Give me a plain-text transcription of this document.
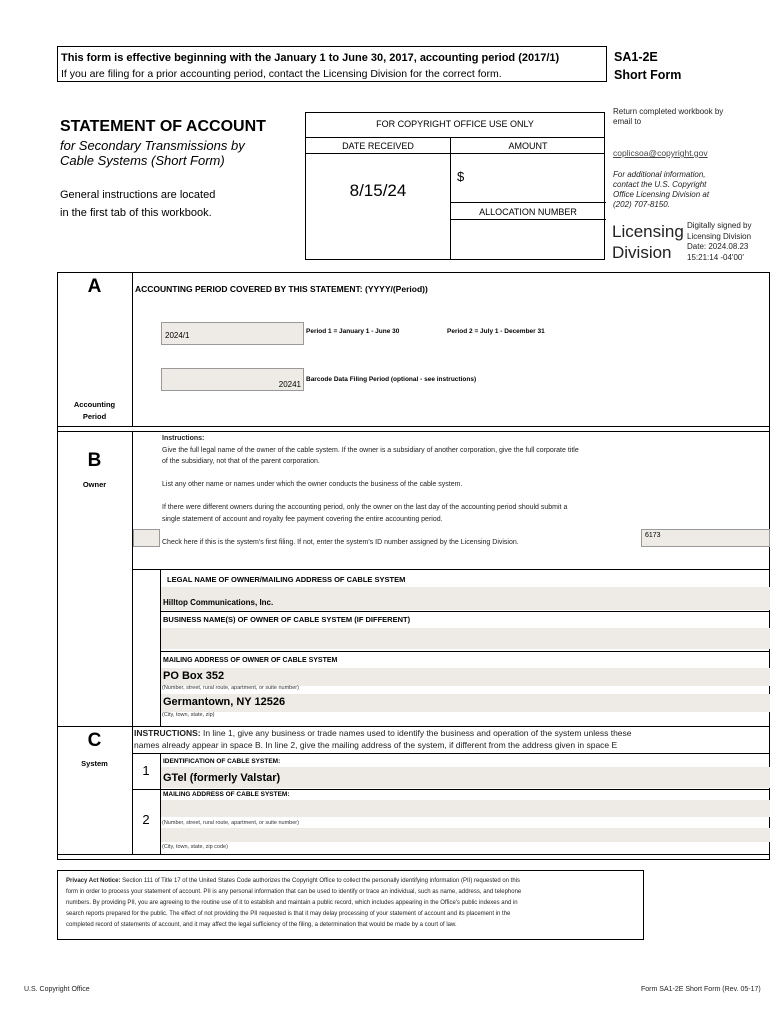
This form is effective beginning with the January 1 to June 30, 2017, accounting period (2017/1)
If you are filing for a prior accounting period, contact the Licensing Division for the correct form.
SA1-2E
Short Form
STATEMENT OF ACCOUNT
for Secondary Transmissions by
Cable Systems (Short Form)
General instructions are located
in the first tab of this workbook.
FOR COPYRIGHT OFFICE USE ONLY
DATE RECEIVED	AMOUNT
8/15/24
$
ALLOCATION NUMBER
Return completed workbook by
email to
coplicsoa@copyright.gov
For additional information,
contact the U.S. Copyright
Office Licensing Division at
(202) 707-8150.
Licensing
Division
Digitally signed by
Licensing Division
Date: 2024.08.23
15:21:14 -04'00'
A	ACCOUNTING PERIOD COVERED BY THIS STATEMENT: (YYYY/(Period))
2024/1	Period 1 = January 1 - June 30	Period 2 = July 1 - December 31
20241
Barcode Data Filing Period (optional - see instructions)
Accounting
Period
B
Owner
Instructions:
Give the full legal name of the owner of the cable system. If the owner is a subsidiary of another corporation, give the full corporate title
of the subsidiary, not that of the parent corporation.
List any other name or names under which the owner conducts the business of the cable system.
If there were different owners during the accounting period, only the owner on the last day of the accounting period should submit a
single statement of account and royalty fee payment covering the entire accounting period.
Check here if this is the system's first filing. If not, enter the system's ID number assigned by the Licensing Division.
6173
LEGAL NAME OF OWNER/MAILING ADDRESS OF CABLE SYSTEM
Hilltop Communications, Inc.
BUSINESS NAME(S) OF OWNER OF CABLE SYSTEM (IF DIFFERENT)
MAILING ADDRESS OF OWNER OF CABLE SYSTEM
PO Box 352
(Number, street, rural route, apartment, or suite number)
Germantown, NY 12526
(City, town, state, zip)
C
System
INSTRUCTIONS: In line 1, give any business or trade names used to identify the business and operation of the system unless these
names already appear in space B. In line 2, give the mailing address of the system, if different from the address given in space E
1
IDENTIFICATION OF CABLE SYSTEM:
GTel (formerly Valstar)
MAILING ADDRESS OF CABLE SYSTEM:
2	(Number, street, rural route, apartment, or suite number)
(City, town, state, zip code)
Privacy Act Notice: Section 111 of Title 17 of the United States Code authorizes the Copyright Office to collect the personally identifying information (PII) requested on this
form in order to process your statement of account. PII is any personal information that can be used to identify or trace an individual, such as name, address, and telephone
numbers. By providing PII, you are agreeing to the routine use of it to establish and maintain a public record, which includes appearing in the Office's public indexes and in
search reports prepared for the public. The effect of not providing the PII requested is that it may delay processing of your statement of account and its placement in the
completed record of statements of account, and it may affect the legal sufficiency of the filing, a determination that would be made by a court of law.
U.S. Copyright Office	Form SA1-2E Short Form (Rev. 05-17)
